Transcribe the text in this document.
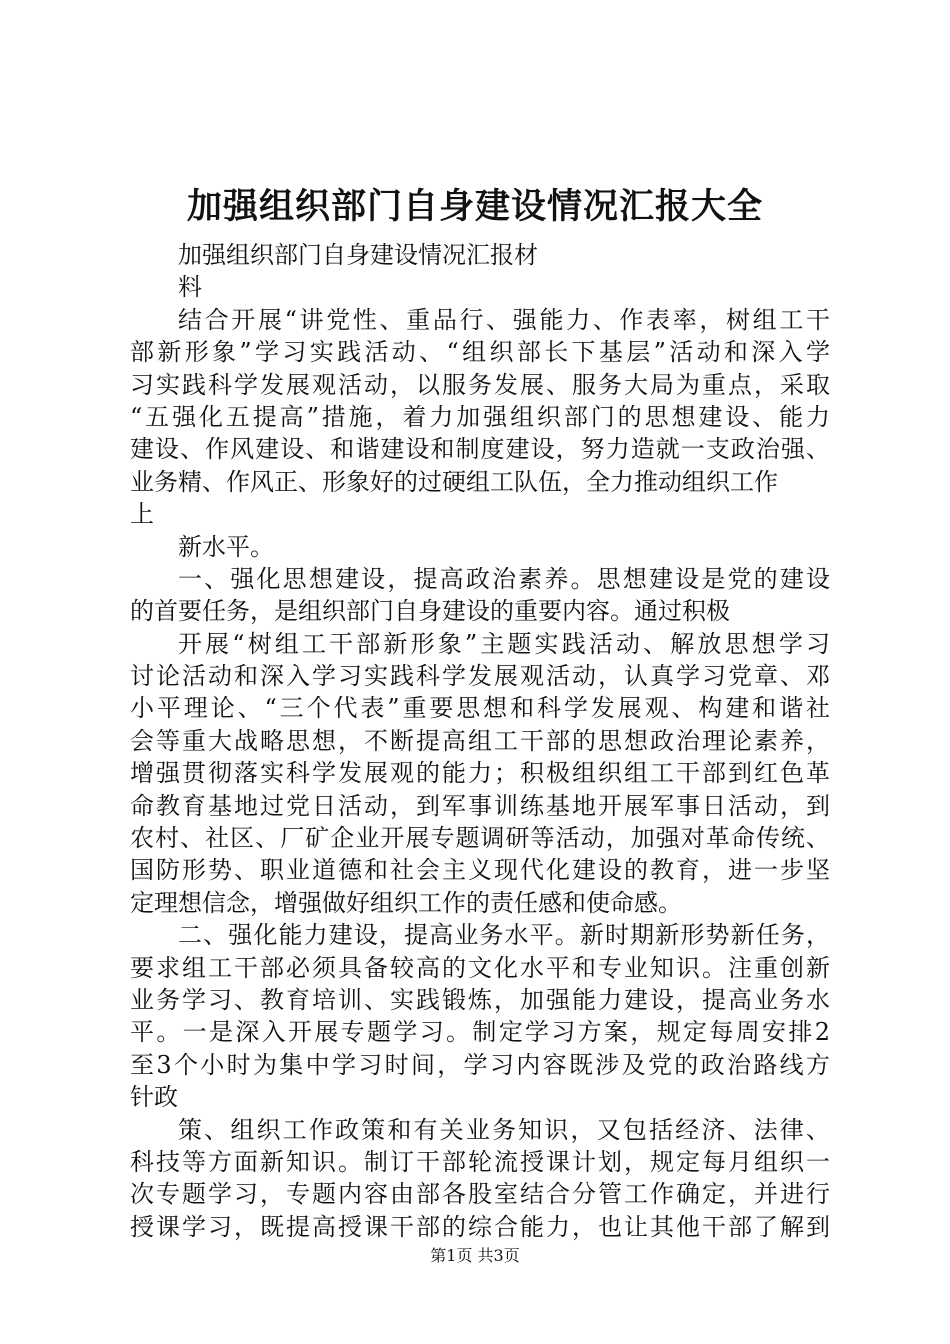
加强组织部门自身建设情况汇报大全
加强组织部门自身建设情况汇报材
料
结合开展“讲党性、重品行、强能力、作表率，树组工干
部新形象”学习实践活动、“组织部长下基层”活动和深入学
习实践科学发展观活动，以服务发展、服务大局为重点，采取
“五强化五提高”措施，着力加强组织部门的思想建设、能力
建设、作风建设、和谐建设和制度建设，努力造就一支政治强、
业务精、作风正、形象好的过硬组工队伍，全力推动组织工作
上
新水平。
一、强化思想建设，提高政治素养。思想建设是党的建设
的首要任务，是组织部门自身建设的重要内容。通过积极
开展“树组工干部新形象”主题实践活动、解放思想学习
讨论活动和深入学习实践科学发展观活动，认真学习党章、邓
小平理论、“三个代表”重要思想和科学发展观、构建和谐社
会等重大战略思想，不断提高组工干部的思想政治理论素养，
增强贯彻落实科学发展观的能力；积极组织组工干部到红色革
命教育基地过党日活动，到军事训练基地开展军事日活动，到
农村、社区、厂矿企业开展专题调研等活动，加强对革命传统、
国防形势、职业道德和社会主义现代化建设的教育，进一步坚
定理想信念，增强做好组织工作的责任感和使命感。
二、强化能力建设，提高业务水平。新时期新形势新任务，
要求组工干部必须具备较高的文化水平和专业知识。注重创新
业务学习、教育培训、实践锻炼，加强能力建设，提高业务水
平。一是深入开展专题学习。制定学习方案，规定每周安排2
至3个小时为集中学习时间，学习内容既涉及党的政治路线方
针政
策、组织工作政策和有关业务知识，又包括经济、法律、
科技等方面新知识。制订干部轮流授课计划，规定每月组织一
次专题学习，专题内容由部各股室结合分管工作确定，并进行
授课学习，既提高授课干部的综合能力，也让其他干部了解到
第1页 共3页
